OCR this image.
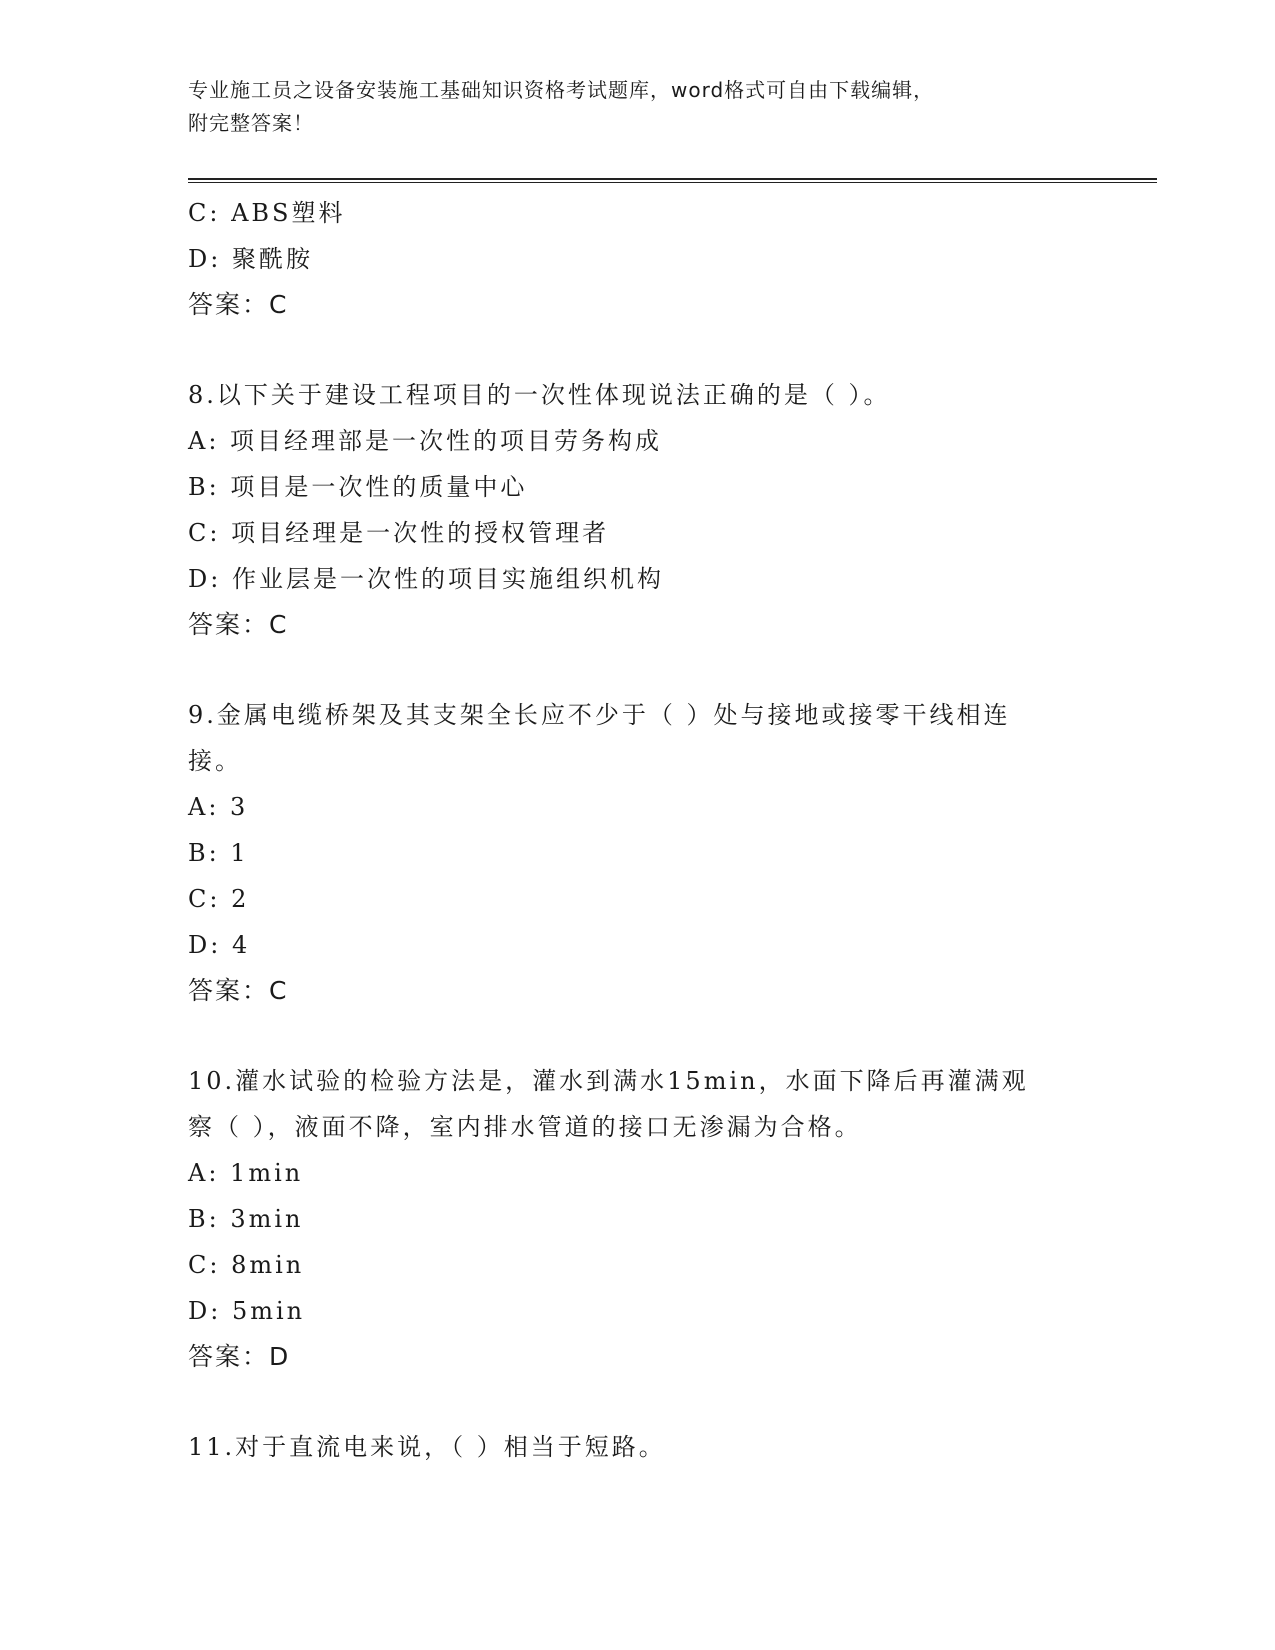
专业施工员之设备安装施工基础知识资格考试题库，word格式可自由下载编辑，
附完整答案！
C: ABS塑料
D: 聚酰胺
答案：C
8.以下关于建设工程项目的一次性体现说法正确的是（ ）。
A: 项目经理部是一次性的项目劳务构成
B: 项目是一次性的质量中心
C: 项目经理是一次性的授权管理者
D: 作业层是一次性的项目实施组织机构
答案：C
9.金属电缆桥架及其支架全长应不少于（ ）处与接地或接零干线相连
接。
A: 3
B: 1
C: 2
D: 4
答案：C
10.灌水试验的检验方法是，灌水到满水15min，水面下降后再灌满观
察（ ），液面不降，室内排水管道的接口无渗漏为合格。
A: 1min
B: 3min
C: 8min
D: 5min
答案：D
11.对于直流电来说，（ ）相当于短路。
